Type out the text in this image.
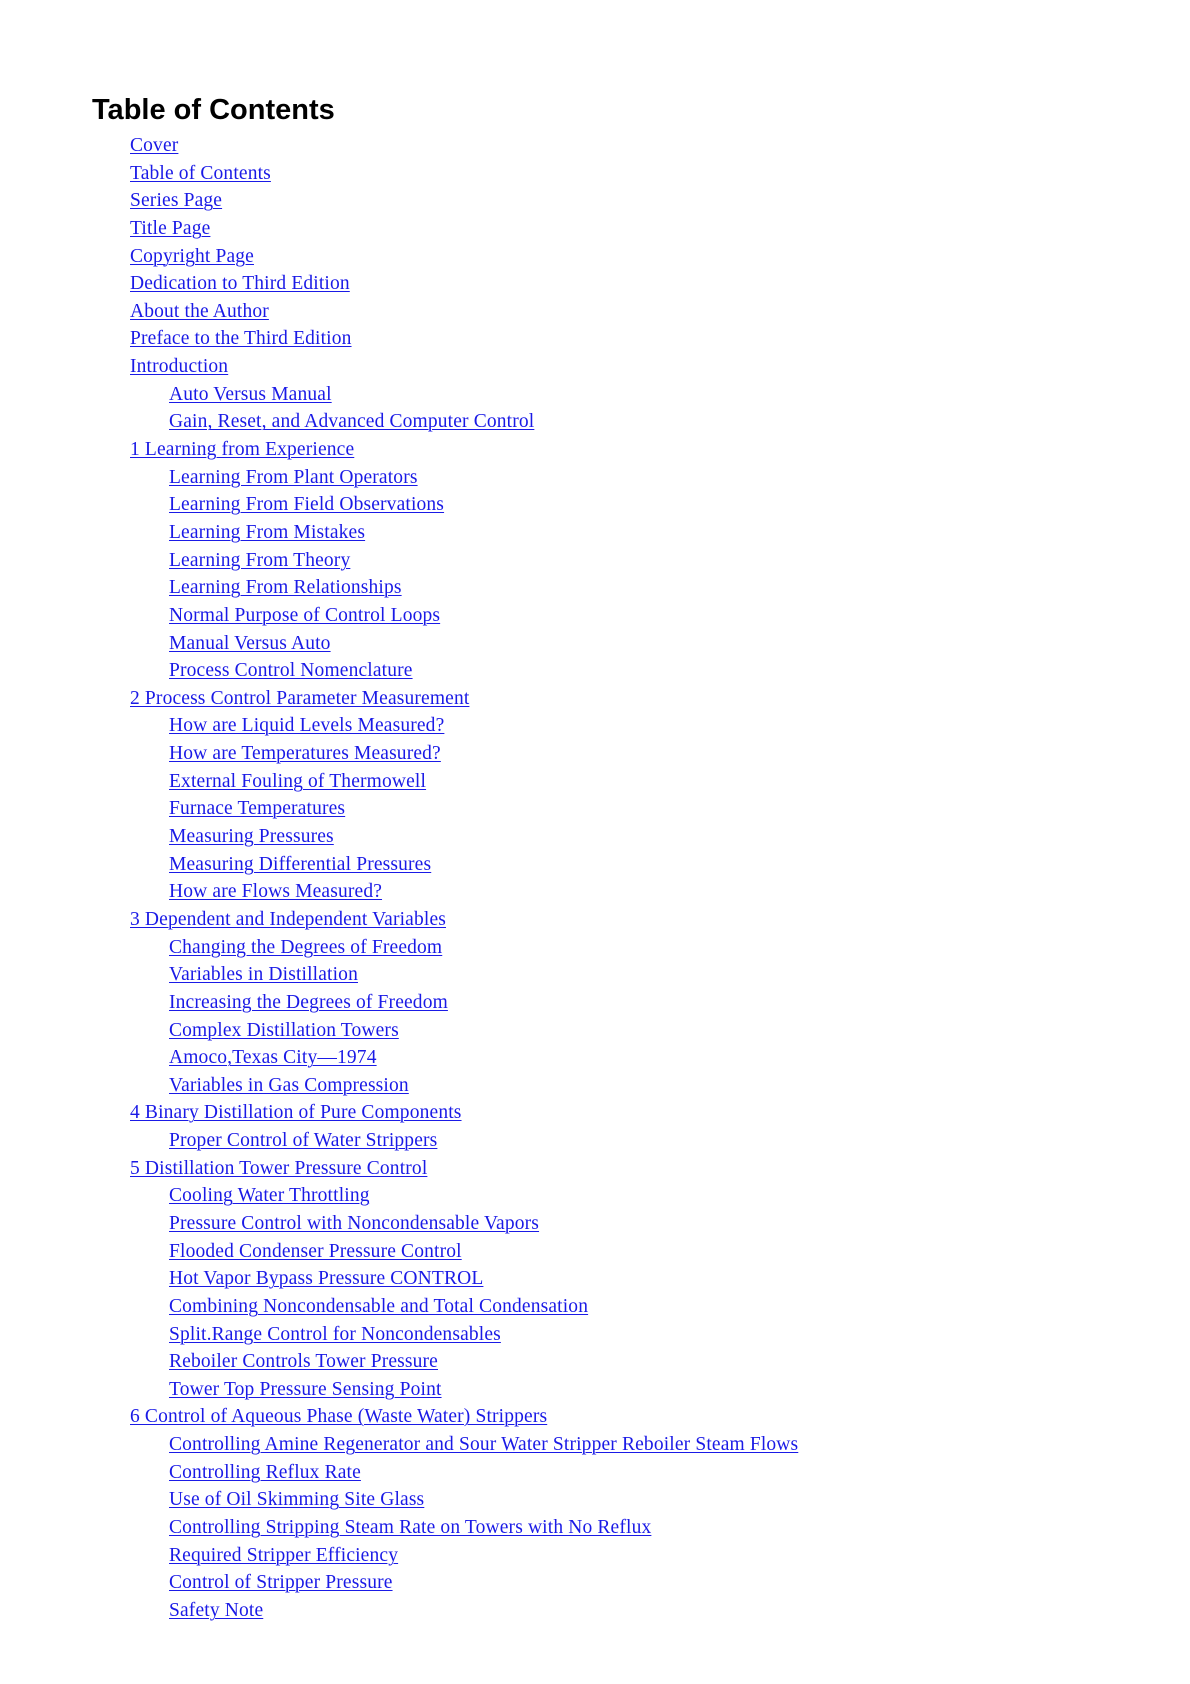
Table of Contents
Cover
Table of Contents
Series Page
Title Page
Copyright Page
Dedication to Third Edition
About the Author
Preface to the Third Edition
Introduction
Auto Versus Manual
Gain, Reset, and Advanced Computer Control
1 Learning from Experience
Learning From Plant Operators
Learning From Field Observations
Learning From Mistakes
Learning From Theory
Learning From Relationships
Normal Purpose of Control Loops
Manual Versus Auto
Process Control Nomenclature
2 Process Control Parameter Measurement
How are Liquid Levels Measured?
How are Temperatures Measured?
External Fouling of Thermowell
Furnace Temperatures
Measuring Pressures
Measuring Differential Pressures
How are Flows Measured?
3 Dependent and Independent Variables
Changing the Degrees of Freedom
Variables in Distillation
Increasing the Degrees of Freedom
Complex Distillation Towers
Amoco,Texas City—1974
Variables in Gas Compression
4 Binary Distillation of Pure Components
Proper Control of Water Strippers
5 Distillation Tower Pressure Control
Cooling Water Throttling
Pressure Control with Noncondensable Vapors
Flooded Condenser Pressure Control
Hot Vapor Bypass Pressure CONTROL
Combining Noncondensable and Total Condensation
Split.Range Control for Noncondensables
Reboiler Controls Tower Pressure
Tower Top Pressure Sensing Point
6 Control of Aqueous Phase (Waste Water) Strippers
Controlling Amine Regenerator and Sour Water Stripper Reboiler Steam Flows
Controlling Reflux Rate
Use of Oil Skimming Site Glass
Controlling Stripping Steam Rate on Towers with No Reflux
Required Stripper Efficiency
Control of Stripper Pressure
Safety Note
